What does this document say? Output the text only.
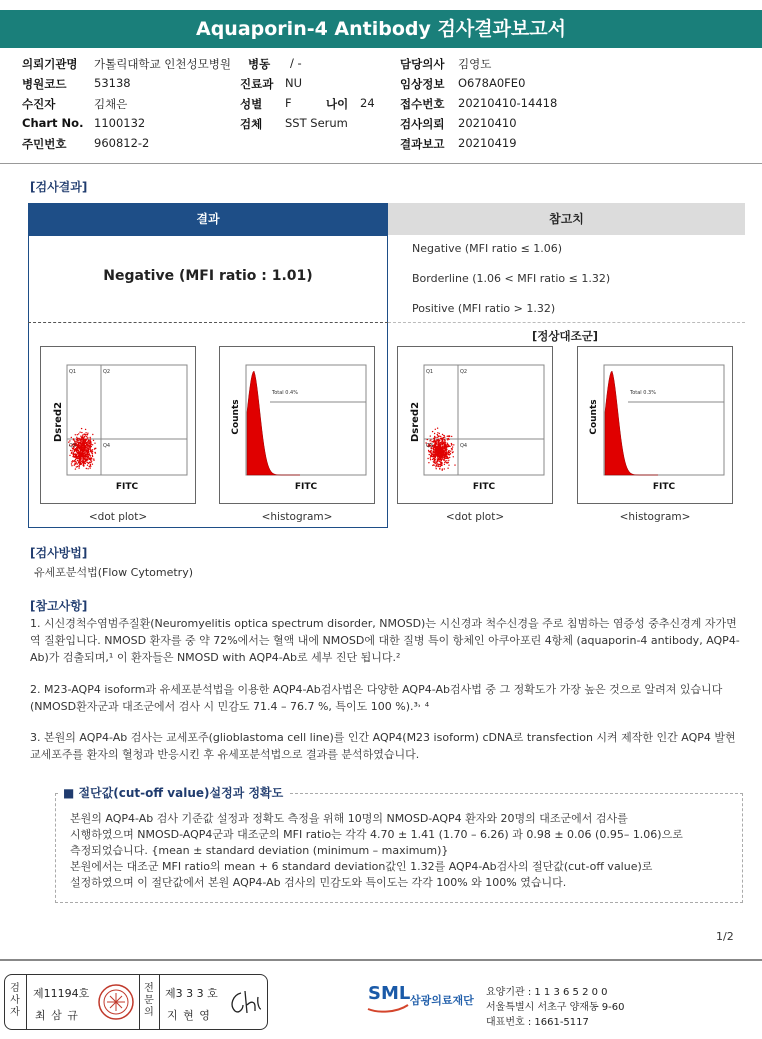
Aquaporin-4 Antibody 검사결과보고서
의뢰기관명 가톨릭대학교 인천성모병원 병동 / -	담당의사 김영도
병원코드 53138	진료과 NU	임상정보 O678A0FE0
수진자	김채은	성별 F	나이 24 접수번호 20210410-14418
Chart No. 1100132	검체 SST Serum	검사의뢰 20210410
주민번호 960812-2	결과보고 20210419
[검사결과]
결과	참고치
Negative (MFI ratio : 1.01)
Negative (MFI ratio ≤ 1.06)
Borderline (1.06 < MFI ratio ≤ 1.32)
Positive (MFI ratio > 1.32)
[정상대조군]
Q1	Q2
Q3	Q4
Dsred2
FITC
Total 0.4%
Counts
FITC
Q1	Q2
Q3	Q4
Dsred2
FITC
Total 0.3%
Counts
FITC
<dot plot>	<histogram>	<dot plot>	<histogram>
[검사방법]
유세포분석법(Flow Cytometry)
[참고사항]
1. 시신경척수염범주질환(Neuromyelitis optica spectrum disorder, NMOSD)는 시신경과 척수신경을 주로 침범하는 염증성 중추신경계 자가면역 질환입니다. NMOSD 환자를 중 약 72%에서는 혈액 내에 NMOSD에 대한 질병 특이 항체인 아쿠아포린 4항체 (aquaporin-4 antibody, AQP4-Ab)가 검출되며,¹ 이 환자들은 NMOSD with AQP4-Ab로 세부 진단 됩니다.²
2. M23-AQP4 isoform과 유세포분석법을 이용한 AQP4-Ab검사법은 다양한 AQP4-Ab검사법 중 그 정확도가 가장 높은 것으로 알려져 있습니다(NMOSD환자군과 대조군에서 검사 시 민감도 71.4 – 76.7 %, 특이도 100 %).³˒ ⁴
3. 본원의 AQP4-Ab 검사는 교세포주(glioblastoma cell line)를 인간 AQP4(M23 isoform) cDNA로 transfection 시켜 제작한 인간 AQP4 발현 교세포주를 환자의 혈청과 반응시킨 후 유세포분석법으로 결과를 분석하였습니다.
■ 절단값(cut-off value)설정과 정확도
본원의 AQP4-Ab 검사 기준값 설정과 정확도 측정을 위해 10명의 NMOSD-AQP4 환자와 20명의 대조군에서 검사를
시행하였으며 NMOSD-AQP4군과 대조군의 MFI ratio는 각각 4.70 ± 1.41 (1.70 – 6.26) 과 0.98 ± 0.06 (0.95– 1.06)으로
측정되었습니다. {mean ± standard deviation (minimum – maximum)}
본원에서는 대조군 MFI ratio의 mean + 6 standard deviation값인 1.32를 AQP4-Ab검사의 절단값(cut-off value)로
설정하였으며 이 절단값에서 본원 AQP4-Ab 검사의 민감도와 특이도는 각각 100% 와 100% 였습니다.
1/2
검사자
제11194호
최 삼 규
전문의
제3 3 3 호
지 현 영
SML 삼광의료재단
요양기관 : 1 1 3 6 5 2 0 0
서울특별시 서초구 양재동 9-60
대표번호 : 1661-5117
